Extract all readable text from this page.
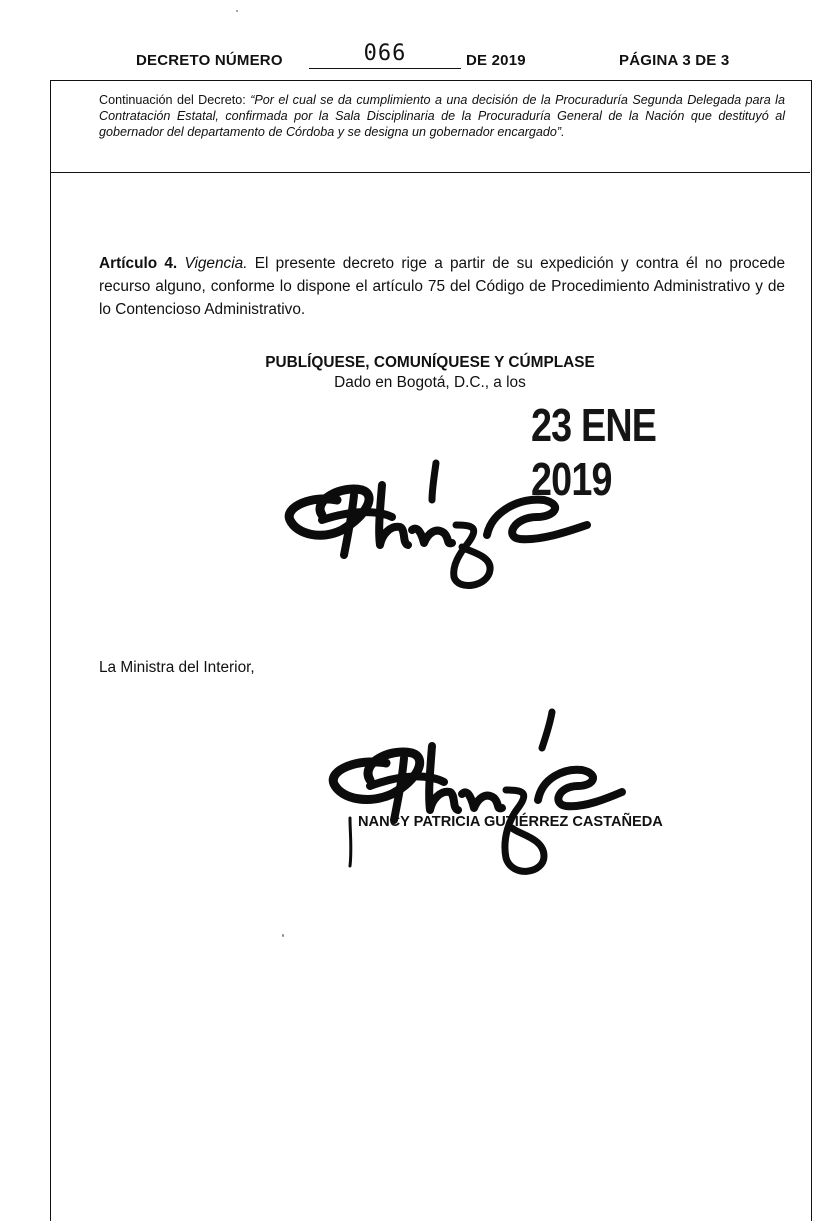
DECRETO NÚMERO	066	DE 2019	PÁGINA 3 DE 3
Continuación del Decreto: “Por el cual se da cumplimiento a una decisión de la Procuraduría Segunda Delegada para la Contratación Estatal, confirmada por la Sala Disciplinaria de la Procuraduría General de la Nación que destituyó al gobernador del departamento de Córdoba y se designa un gobernador encargado”.
Artículo 4. Vigencia. El presente decreto rige a partir de su expedición y contra él no procede recurso alguno, conforme lo dispone el artículo 75 del Código de Procedimiento Administrativo y de lo Contencioso Administrativo.
PUBLÍQUESE, COMUNÍQUESE Y CÚMPLASE
Dado en Bogotá, D.C., a los
23 ENE 2019
La Ministra del Interior,
NANCY PATRICIA GUTIÉRREZ CASTAÑEDA
